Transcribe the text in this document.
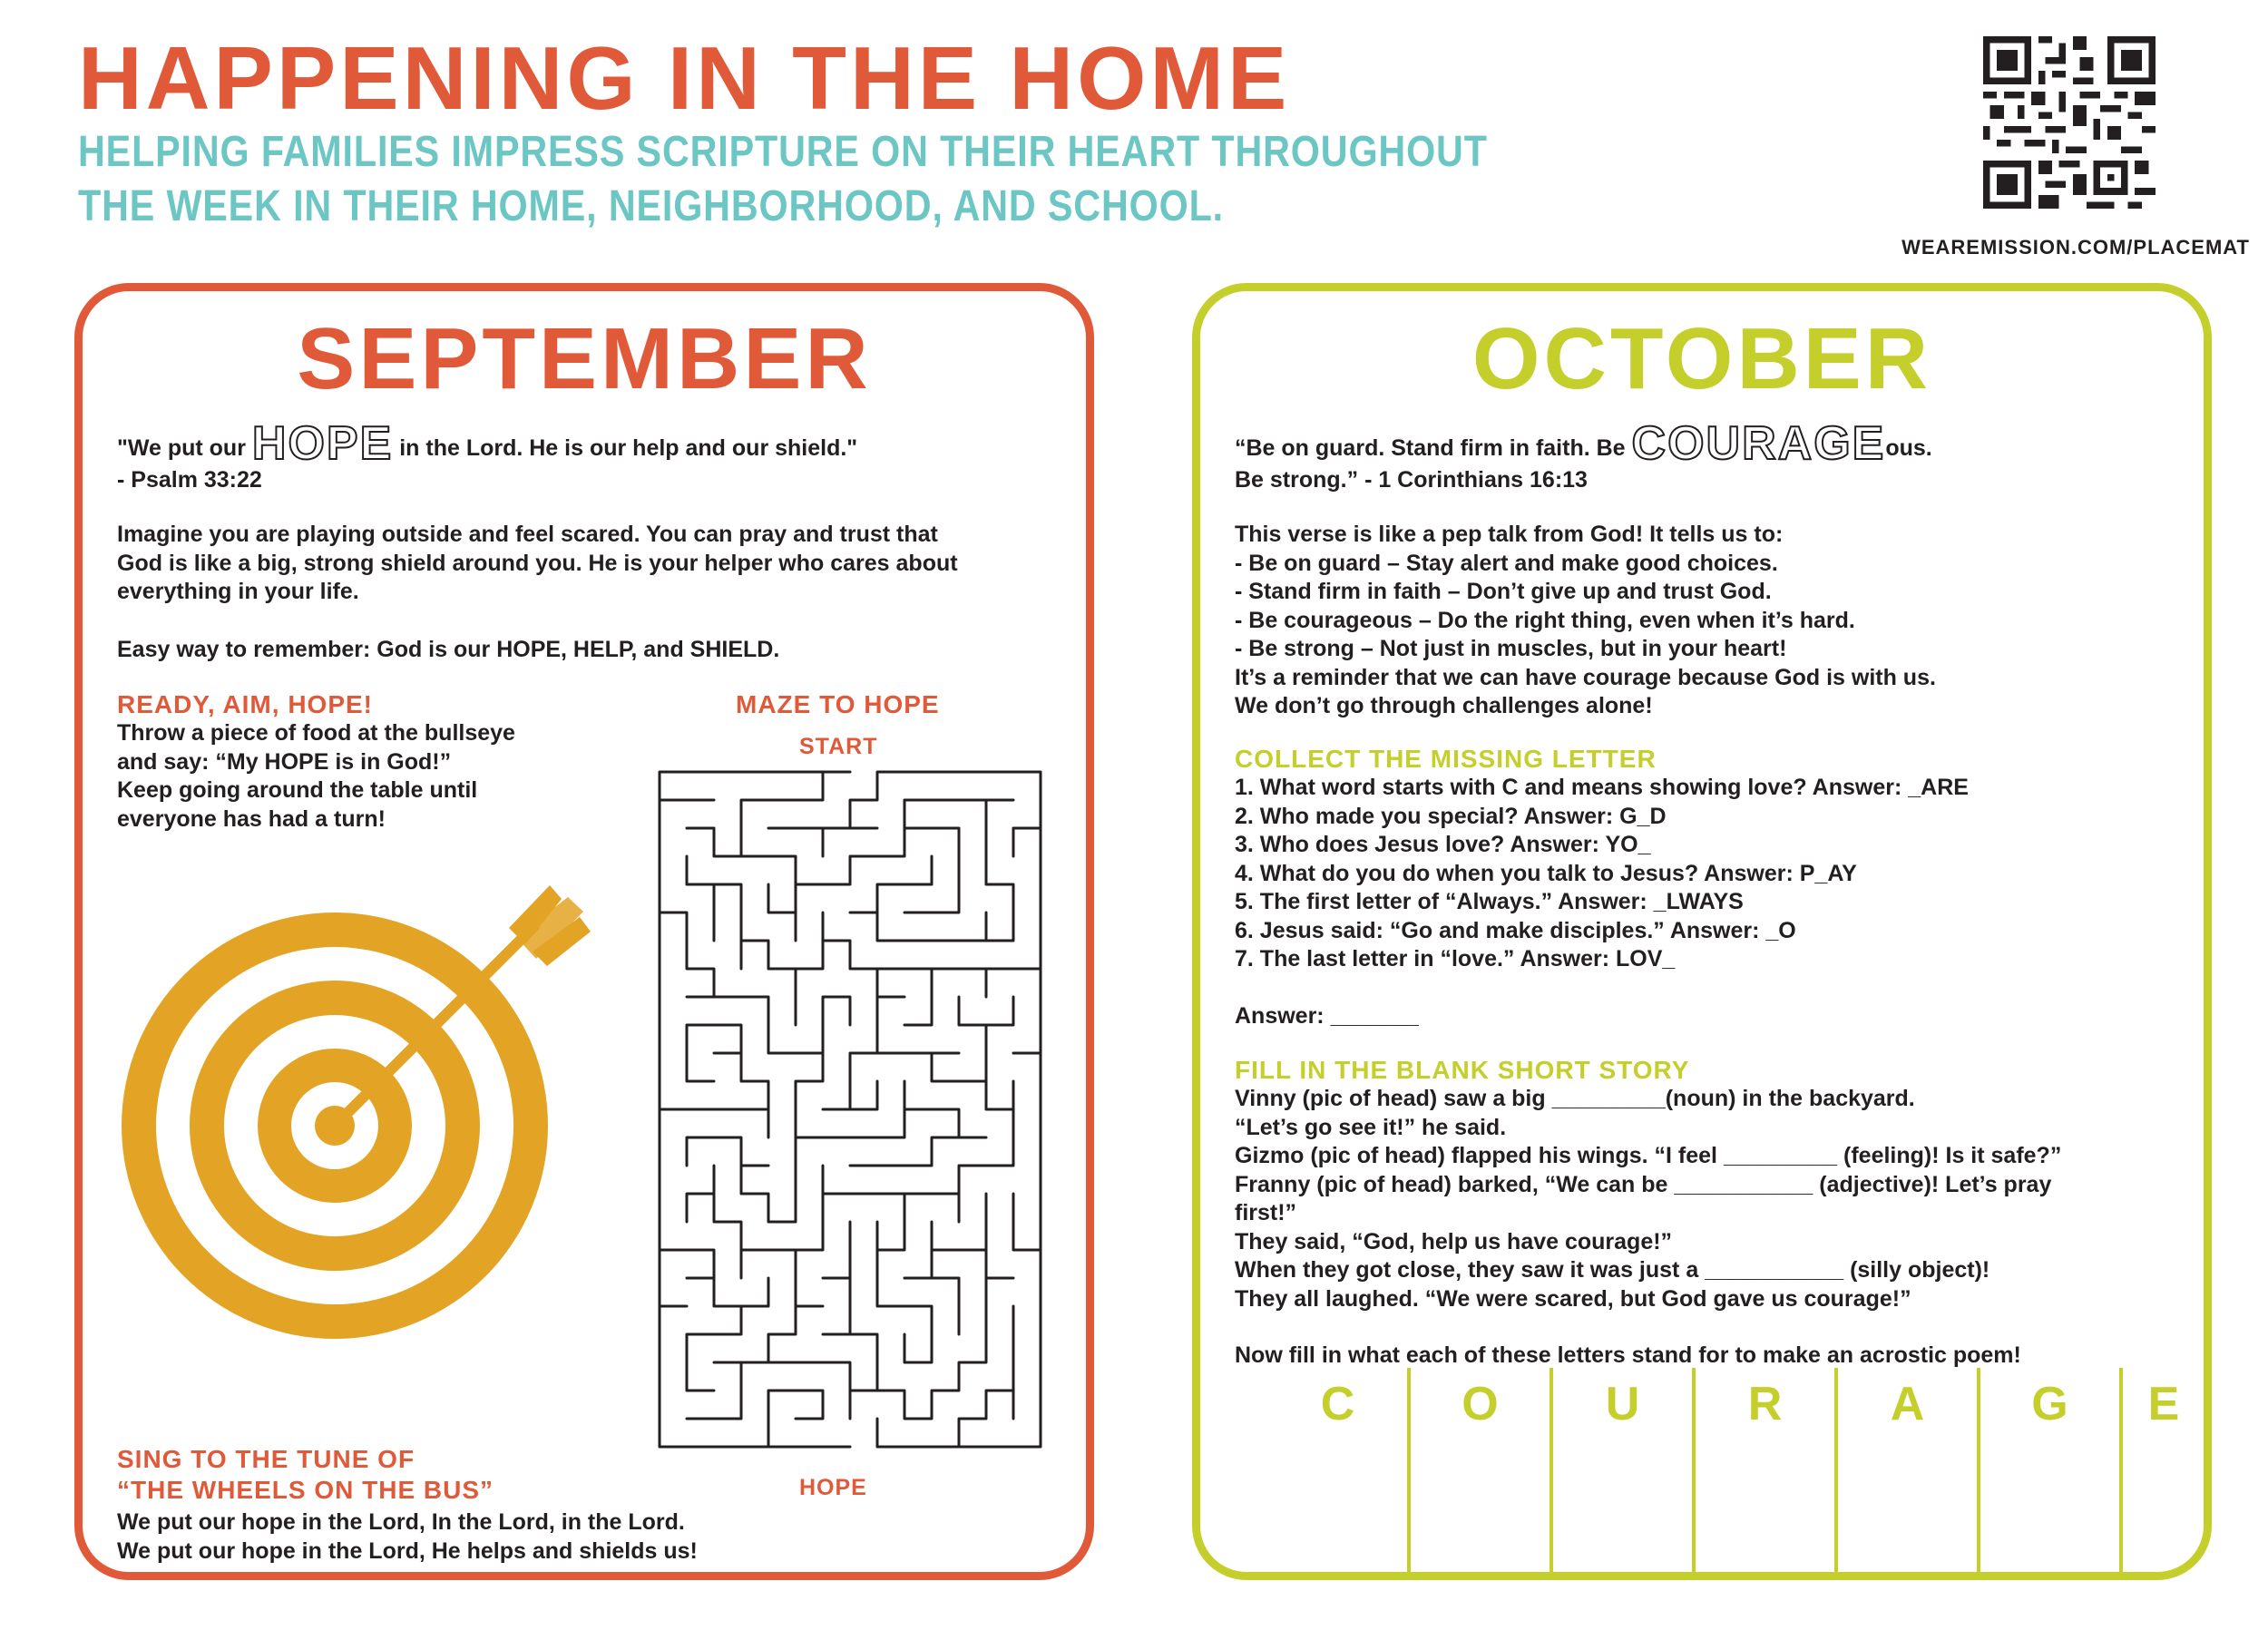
HAPPENING IN THE HOME
HELPING FAMILIES IMPRESS SCRIPTURE ON THEIR HEART THROUGHOUT
THE WEEK IN THEIR HOME, NEIGHBORHOOD, AND SCHOOL.
WEAREMISSION.COM/PLACEMAT
SEPTEMBER
"We put our HOPE in the Lord. He is our help and our shield."
- Psalm 33:22
Imagine you are playing outside and feel scared. You can pray and trust that
God is like a big, strong shield around you. He is your helper who cares about
everything in your life.
Easy way to remember: God is our HOPE, HELP, and SHIELD.
READY, AIM, HOPE!
Throw a piece of food at the bullseye
and say: “My HOPE is in God!”
Keep going around the table until
everyone has had a turn!
MAZE TO HOPE
START
HOPE
SING TO THE TUNE OF
“THE WHEELS ON THE BUS”
We put our hope in the Lord, In the Lord, in the Lord.
We put our hope in the Lord, He helps and shields us!
OCTOBER
“Be on guard. Stand firm in faith. Be COURAGEous.
Be strong.” - 1 Corinthians 16:13
This verse is like a pep talk from God! It tells us to:
- Be on guard – Stay alert and make good choices.
- Stand firm in faith – Don’t give up and trust God.
- Be courageous – Do the right thing, even when it’s hard.
- Be strong – Not just in muscles, but in your heart!
It’s a reminder that we can have courage because God is with us.
We don’t go through challenges alone!
COLLECT THE MISSING LETTER
1. What word starts with C and means showing love? Answer: _ARE
2. Who made you special? Answer: G_D
3. Who does Jesus love? Answer: YO_
4. What do you do when you talk to Jesus? Answer: P_AY
5. The first letter of “Always.” Answer: _LWAYS
6. Jesus said: “Go and make disciples.” Answer: _O
7. The last letter in “love.” Answer: LOV_
Answer: _______
FILL IN THE BLANK SHORT STORY
Vinny (pic of head) saw a big _________(noun) in the backyard.
“Let’s go see it!” he said.
Gizmo (pic of head) flapped his wings. “I feel _________ (feeling)! Is it safe?”
Franny (pic of head) barked, “We can be ___________ (adjective)! Let’s pray
first!”
They said, “God, help us have courage!”
When they got close, they saw it was just a ___________ (silly object)!
They all laughed. “We were scared, but God gave us courage!”
Now fill in what each of these letters stand for to make an acrostic poem!
C	O	U	R	A	G	E
